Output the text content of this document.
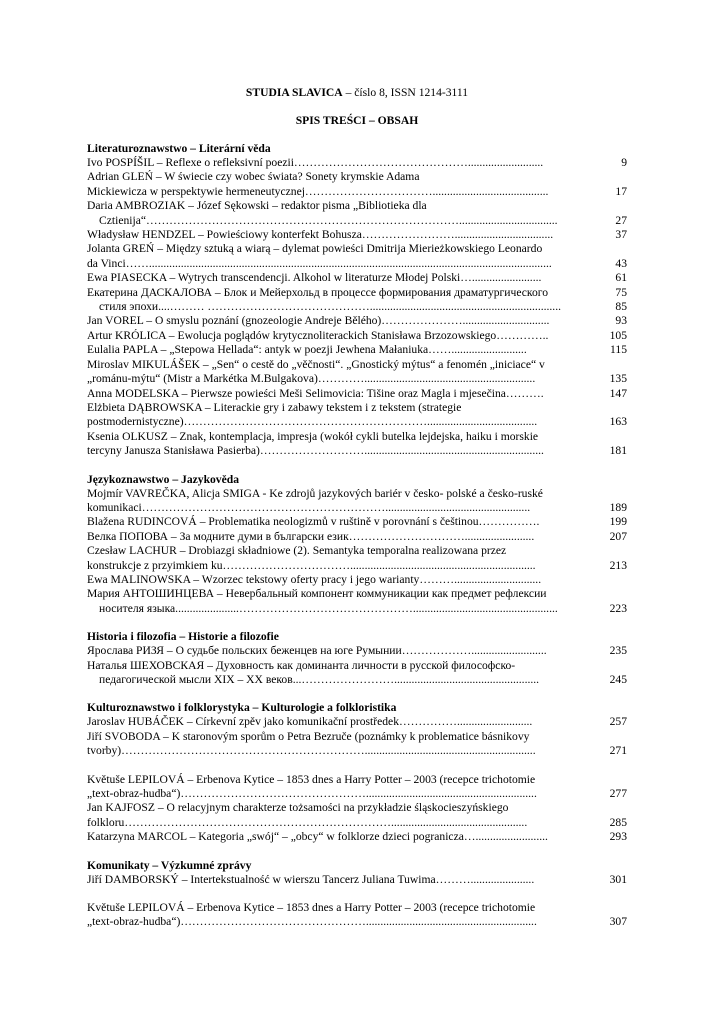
STUDIA SLAVICA – číslo 8, ISSN 1214-3111
SPIS TREŚCI – OBSAH
Literaturoznawstwo – Literární věda
Ivo POSPÍŠIL – Reflexe o refleksivní poezii………………………………………..........................	9
Adrian GLEŃ – W świecie czy wobec świata? Sonety krymskie Adama
Mickiewicza w perspektywie hermeneutycznej……………………………........................................	17
Daria AMBROZIAK – Józef Sękowski – redaktor pisma „Bibliotieka dla
Cztienija“………………………………………………………………………..................................	27
Władysław HENDZEL – Powieściowy konterfekt Bohusza……………………..................................	37
Jolanta GREŃ – Między sztuką a wiarą – dylemat powieści Dmitrija Mierieżkowskiego Leonardo
da Vinci……...........................................................................................................................................	43
Ewa PIASECKA – Wytrych transcendencji. Alkohol w literaturze Młodej Polski…........................	61
Екатерина ДАСКАЛОВА – Блок и Мейерхольд в процессе формирования драматургического	75
стиля эпохи....……… ……………………………………..................................................................	85
Jan VOREL – O smyslu poznání (gnozeologie Andreje Bělého)…………………..............................	93
Artur KRÓLICA – Ewolucja poglądów krytycznoliterackich Stanisława Brzozowskiego…………..	105
Eulalia PAPLA – „Stepowa Hellada“: antyk w poezji Jewhena Małaniuka……..........................	115
Miroslav MIKULÁŠEK – „Sen“ o cestě do „věčnosti“. „Gnostický mýtus“ a fenomén „iniciace“ v
„románu-mýtu“ (Mistr a Markétka M.Bulgakova)…………...........................................................	135
Anna MODELSKA – Pierwsze powieści Meši Selimovicia: Tišine oraz Magla i mjesečina……….	147
Elżbieta DĄBROWSKA – Literackie gry i zabawy tekstem i z tekstem (strategie
postmodernistyczne)………………………………………………………......................................	163
Ksenia OLKUSZ – Znak, kontemplacja, impresja (wokół cykli butelka lejdejska, haiku i morskie
tercyny Janusza Stanisława Pasierba)………………………..............................................................	181
Językoznawstwo – Jazykověda
Mojmír VAVREČKA, Alicja SMIGA - Ke zdrojů jazykových bariér v česko- polské a česko-ruské
komunikaci………………………………………………………..................................................	189
Blažena RUDINCOVÁ – Problematika neologizmů v ruštině v porovnání s češtinou…………….	199
Велка ПОПОВА – За модните думи в български език…………………………........................	207
Czesław LACHUR – Drobiazgi składniowe (2). Semantyka temporalna realizowana przez
konstrukcje z przyimkiem ku……………………………................................................................	213
Ewa MALINOWSKA – Wzorzec tekstowy oferty pracy i jego warianty………..............................
Мария АНТОШИНЦЕВА – Невербальный компонент коммуникации как предмет рефлексии
носителя языка......................………………………………………..................................................	223
Historia i filozofia – Historie a filozofie
Ярослава РИЗЯ – О судьбе польских беженцев на юге Румынии………………..........................	235
Наталья ШЕХОВСКАЯ – Духовность как доминанта личности в русской философско-
педагогической мысли XIX – XX веков...……………………..................................................	245
Kulturoznawstwo i folklorystyka – Kulturologie a folkloristika
Jaroslav HUBÁČEK – Církevní zpěv jako komunikační prostředek……………..........................	257
Jiří SVOBODA – K staronovým sporům o Petra Bezruče (poznámky k problematice básnikovy
tvorby)………………………………………………………...........................................................	271
Květuše LEPILOVÁ – Erbenova Kytice – 1853 dnes a Harry Potter – 2003 (recepce trichotomie
„text-obraz-hudba“)…………………………………………...........................................................	277
Jan KAJFOSZ – O relacyjnym charakterze tożsamości na przykładzie śląskocieszyńskiego
folkloru……………………………………………………………...............................................	285
Katarzyna MARCOL – Kategoria „swój“ – „obcy“ w folklorze dzieci pogranicza….........................	293
Komunikaty – Výzkumné zprávy
Jiří DAMBORSKÝ – Intertekstualność w wierszu Tancerz Juliana Tuwima………......................	301
Květuše LEPILOVÁ – Erbenova Kytice – 1853 dnes a Harry Potter – 2003 (recepce trichotomie
„text-obraz-hudba“)…………………………………………...........................................................	307
